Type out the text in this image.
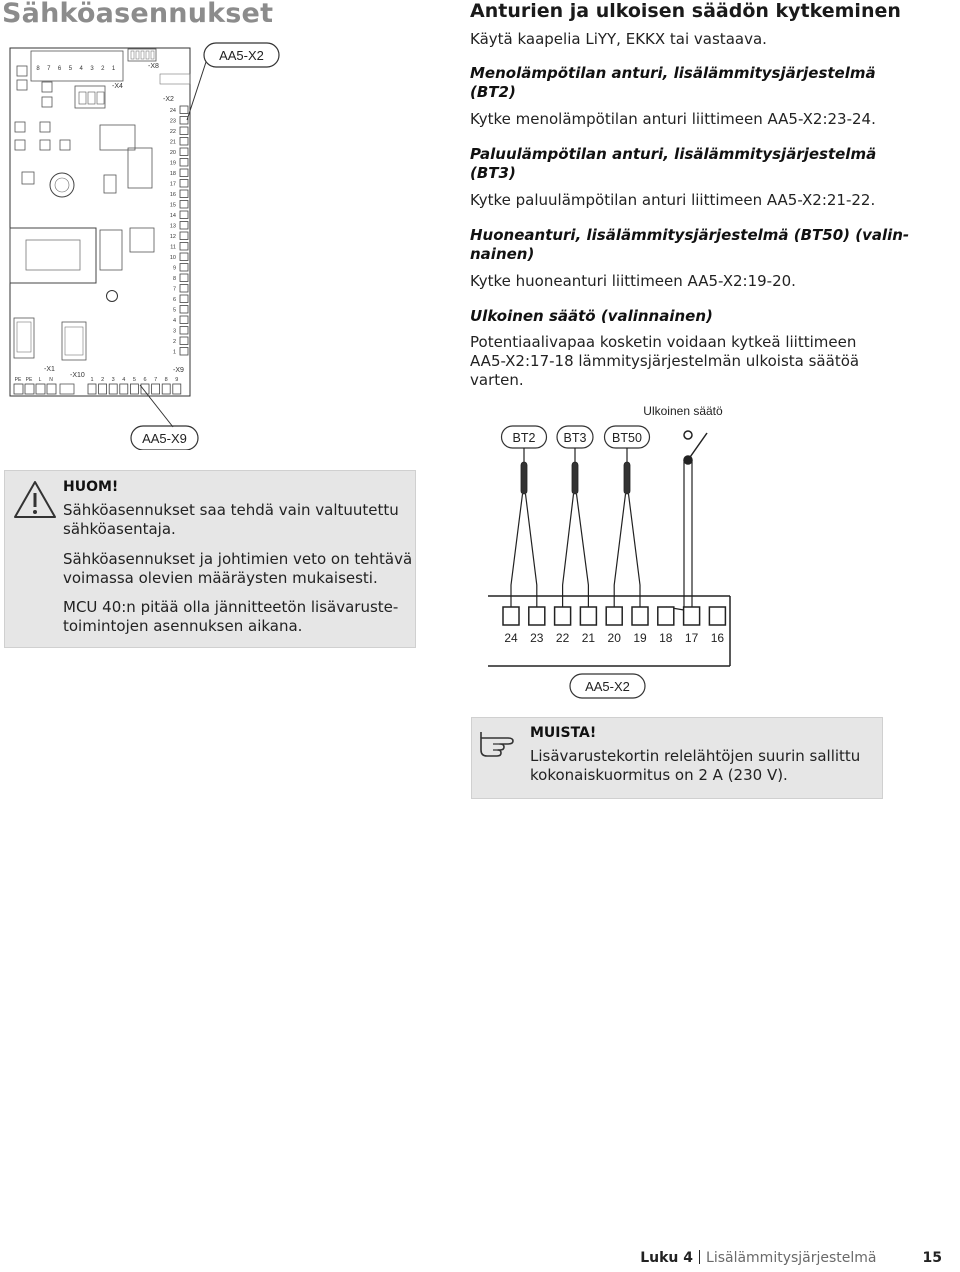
Sähköasennukset	Anturien ja ulkoisen säädön kytkeminen
Käytä kaapelia LiYY, EKKX tai vastaava.
Menolämpötilan anturi, lisälämmitysjärjestelmä
(BT2)
Kytke menolämpötilan anturi liittimeen AA5-X2:23-24.
Paluulämpötilan anturi, lisälämmitysjärjestelmä
(BT3)
Kytke paluulämpötilan anturi liittimeen AA5-X2:21-22.
Huoneanturi, lisälämmitysjärjestelmä (BT50) (valin-
nainen)
Kytke huoneanturi liittimeen AA5-X2:19-20.
Ulkoinen säätö (valinnainen)
Potentiaalivapaa kosketin voidaan kytkeä liittimeen
AA5-X2:17-18 lämmitysjärjestelmän ulkoista säätöä
varten.
8 7 6 5 4 3 2 1
-X4
-X8
-X2
24
23
22
21
20
19
18
17
16
15
14
13
12
11
10
9
8
7
6
5
4
3
2
1
-X1
-X10
-X9
PE PE L N	1 2 3 4 5 6 7 8 9
AA5-X2
AA5-X9
Ulkoinen säätö
BT2 BT3 BT50
24 23 22 21 20 19 18 17 16
AA5-X2
HUOM!
Sähköasennukset saa tehdä vain valtuutettu
sähköasentaja.
Sähköasennukset ja johtimien veto on tehtävä
voimassa olevien määräysten mukaisesti.
MCU 40:n pitää olla jännitteetön lisävaruste-
toimintojen asennuksen aikana.
MUISTA!
Lisävarustekortin relelähtöjen suurin sallittu
kokonaiskuormitus on 2 A (230 V).
Luku 4 Lisälämmitysjärjestelmä	15
